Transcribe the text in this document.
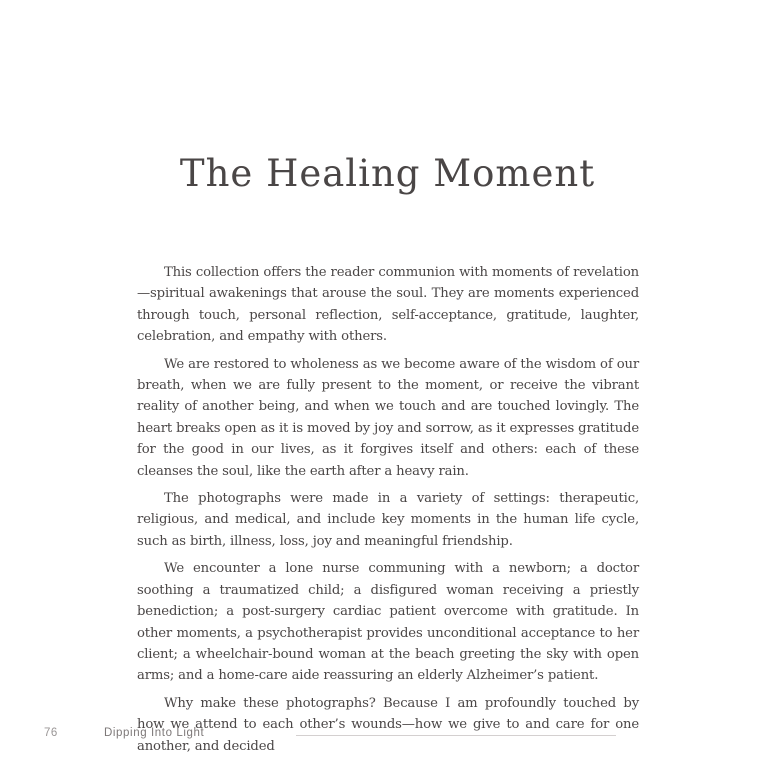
The Healing Moment

This collection offers the reader communion with moments of revelation—spiritual awakenings that arouse the soul. They are moments experienced through touch, personal reflection, self-acceptance, gratitude, laughter, celebration, and empathy with others.

We are restored to wholeness as we become aware of the wisdom of our breath, when we are fully present to the moment, or receive the vibrant reality of another being, and when we touch and are touched lovingly. The heart breaks open as it is moved by joy and sorrow, as it expresses gratitude for the good in our lives, as it forgives itself and others: each of these cleanses the soul, like the earth after a heavy rain.

The photographs were made in a variety of settings: therapeutic, religious, and medical, and include key moments in the human life cycle, such as birth, illness, loss, joy and meaningful friendship.

We encounter a lone nurse communing with a newborn; a doctor soothing a traumatized child; a disfigured woman receiving a priestly benediction; a post-surgery cardiac patient overcome with gratitude. In other moments, a psychotherapist provides unconditional acceptance to her client; a wheelchair-bound woman at the beach greeting the sky with open arms; and a home-care aide reassuring an elderly Alzheimer’s patient.

Why make these photographs? Because I am profoundly touched by how we attend to each other’s wounds—how we give to and care for one another, and decided

76	Dipping Into Light
